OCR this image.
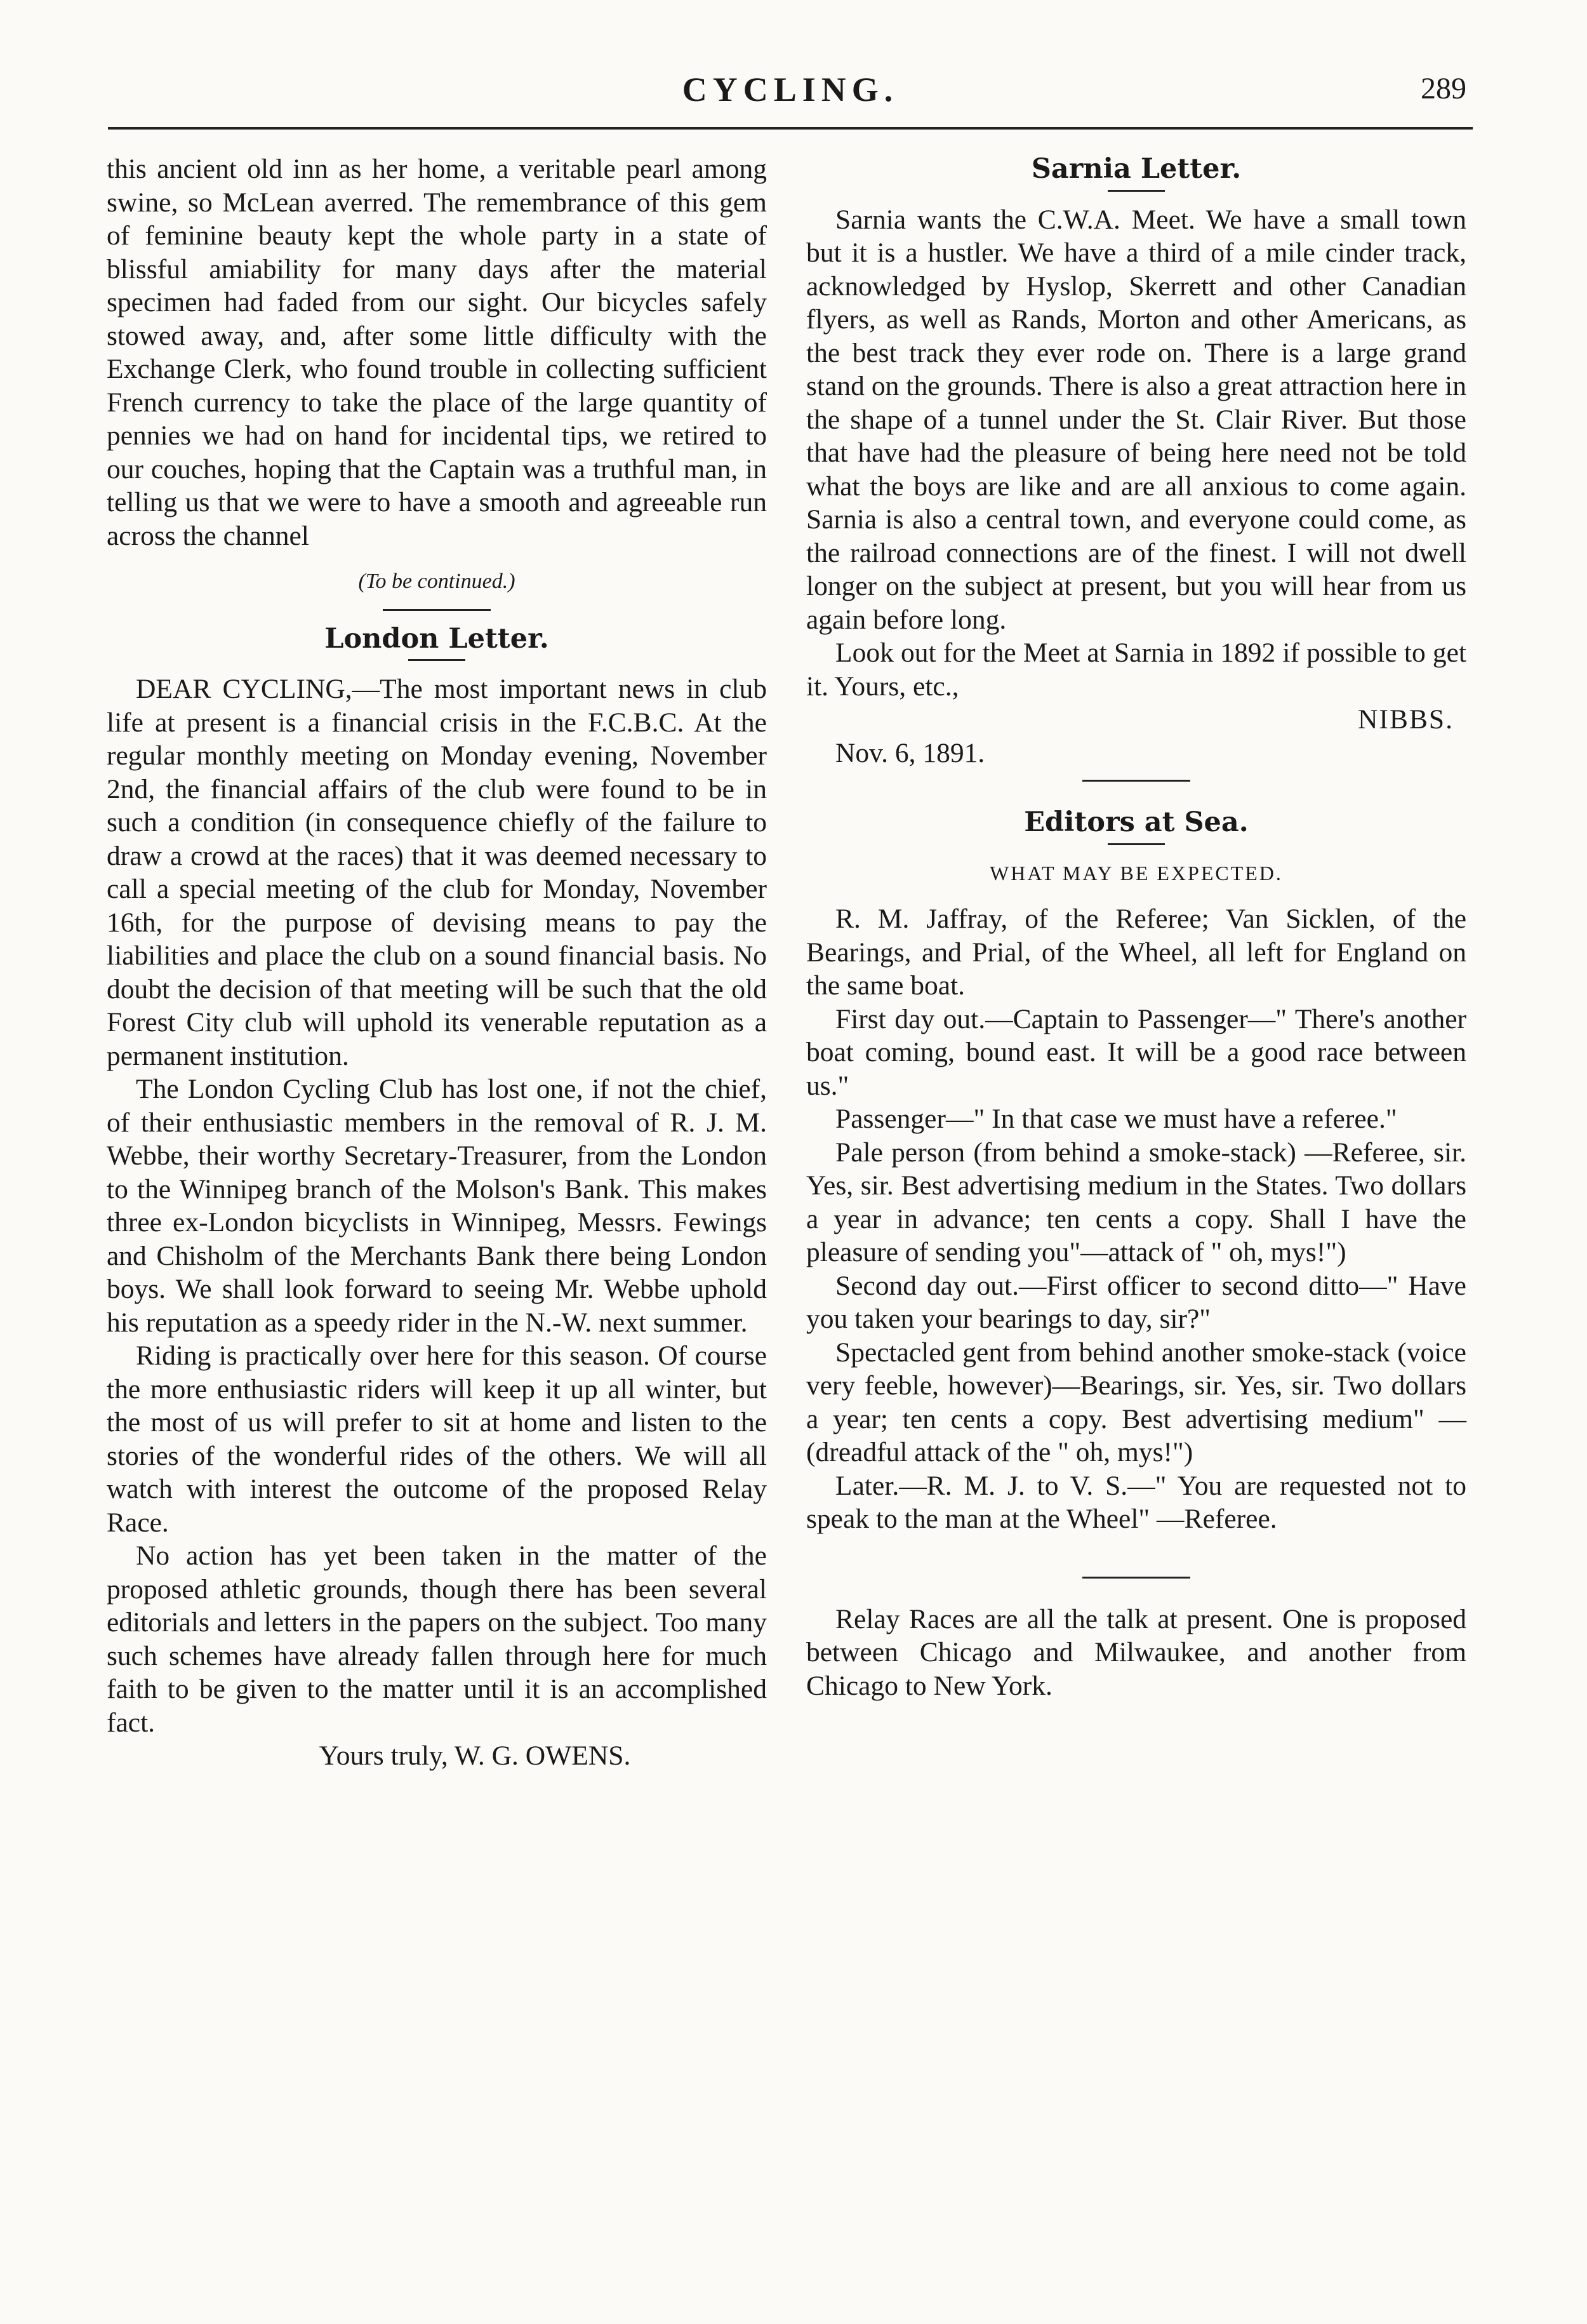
CYCLING.	289

this ancient old inn as her home, a veritable pearl among swine, so McLean averred. The remembrance of this gem of feminine beauty kept the whole party in a state of blissful amiability for many days after the material specimen had faded from our sight. Our bicycles safely stowed away, and, after some little difficulty with the Exchange Clerk, who found trouble in collecting sufficient French currency to take the place of the large quantity of pennies we had on hand for incidental tips, we retired to our couches, hoping that the Captain was a truthful man, in telling us that we were to have a smooth and agreeable run across the channel

(To be continued.)

London Letter.

DEAR CYCLING,—The most important news in club life at present is a financial crisis in the F.C.B.C. At the regular monthly meeting on Monday evening, November 2nd, the financial affairs of the club were found to be in such a condition (in consequence chiefly of the failure to draw a crowd at the races) that it was deemed necessary to call a special meeting of the club for Monday, November 16th, for the purpose of devising means to pay the liabilities and place the club on a sound financial basis. No doubt the decision of that meeting will be such that the old Forest City club will uphold its venerable reputation as a permanent institution.

The London Cycling Club has lost one, if not the chief, of their enthusiastic members in the removal of R. J. M. Webbe, their worthy Secretary-Treasurer, from the London to the Winnipeg branch of the Molson's Bank. This makes three ex-London bicyclists in Winnipeg, Messrs. Fewings and Chisholm of the Merchants Bank there being London boys. We shall look forward to seeing Mr. Webbe uphold his reputation as a speedy rider in the N.-W. next summer.

Riding is practically over here for this season. Of course the more enthusiastic riders will keep it up all winter, but the most of us will prefer to sit at home and listen to the stories of the wonderful rides of the others. We will all watch with interest the outcome of the proposed Relay Race.

No action has yet been taken in the matter of the proposed athletic grounds, though there has been several editorials and letters in the papers on the subject. Too many such schemes have already fallen through here for much faith to be given to the matter until it is an accomplished fact.

Yours truly, W. G. OWENS.

Sarnia Letter.

Sarnia wants the C.W.A. Meet. We have a small town but it is a hustler. We have a third of a mile cinder track, acknowledged by Hyslop, Skerrett and other Canadian flyers, as well as Rands, Morton and other Americans, as the best track they ever rode on. There is a large grand stand on the grounds. There is also a great attraction here in the shape of a tunnel under the St. Clair River. But those that have had the pleasure of being here need not be told what the boys are like and are all anxious to come again. Sarnia is also a central town, and everyone could come, as the railroad connections are of the finest. I will not dwell longer on the subject at present, but you will hear from us again before long.

Look out for the Meet at Sarnia in 1892 if possible to get it. Yours, etc.,

NIBBS.

Nov. 6, 1891.

Editors at Sea.

WHAT MAY BE EXPECTED.

R. M. Jaffray, of the Referee; Van Sicklen, of the Bearings, and Prial, of the Wheel, all left for England on the same boat.

First day out.—Captain to Passenger—" There's another boat coming, bound east. It will be a good race between us."

Passenger—" In that case we must have a referee."

Pale person (from behind a smoke-stack) —Referee, sir. Yes, sir. Best advertising medium in the States. Two dollars a year in advance; ten cents a copy. Shall I have the pleasure of sending you"—attack of " oh, mys!")

Second day out.—First officer to second ditto—" Have you taken your bearings to day, sir?"

Spectacled gent from behind another smoke-stack (voice very feeble, however)—Bearings, sir. Yes, sir. Two dollars a year; ten cents a copy. Best advertising medium" —(dreadful attack of the " oh, mys!")

Later.—R. M. J. to V. S.—" You are requested not to speak to the man at the Wheel" —Referee.

Relay Races are all the talk at present. One is proposed between Chicago and Milwaukee, and another from Chicago to New York.
